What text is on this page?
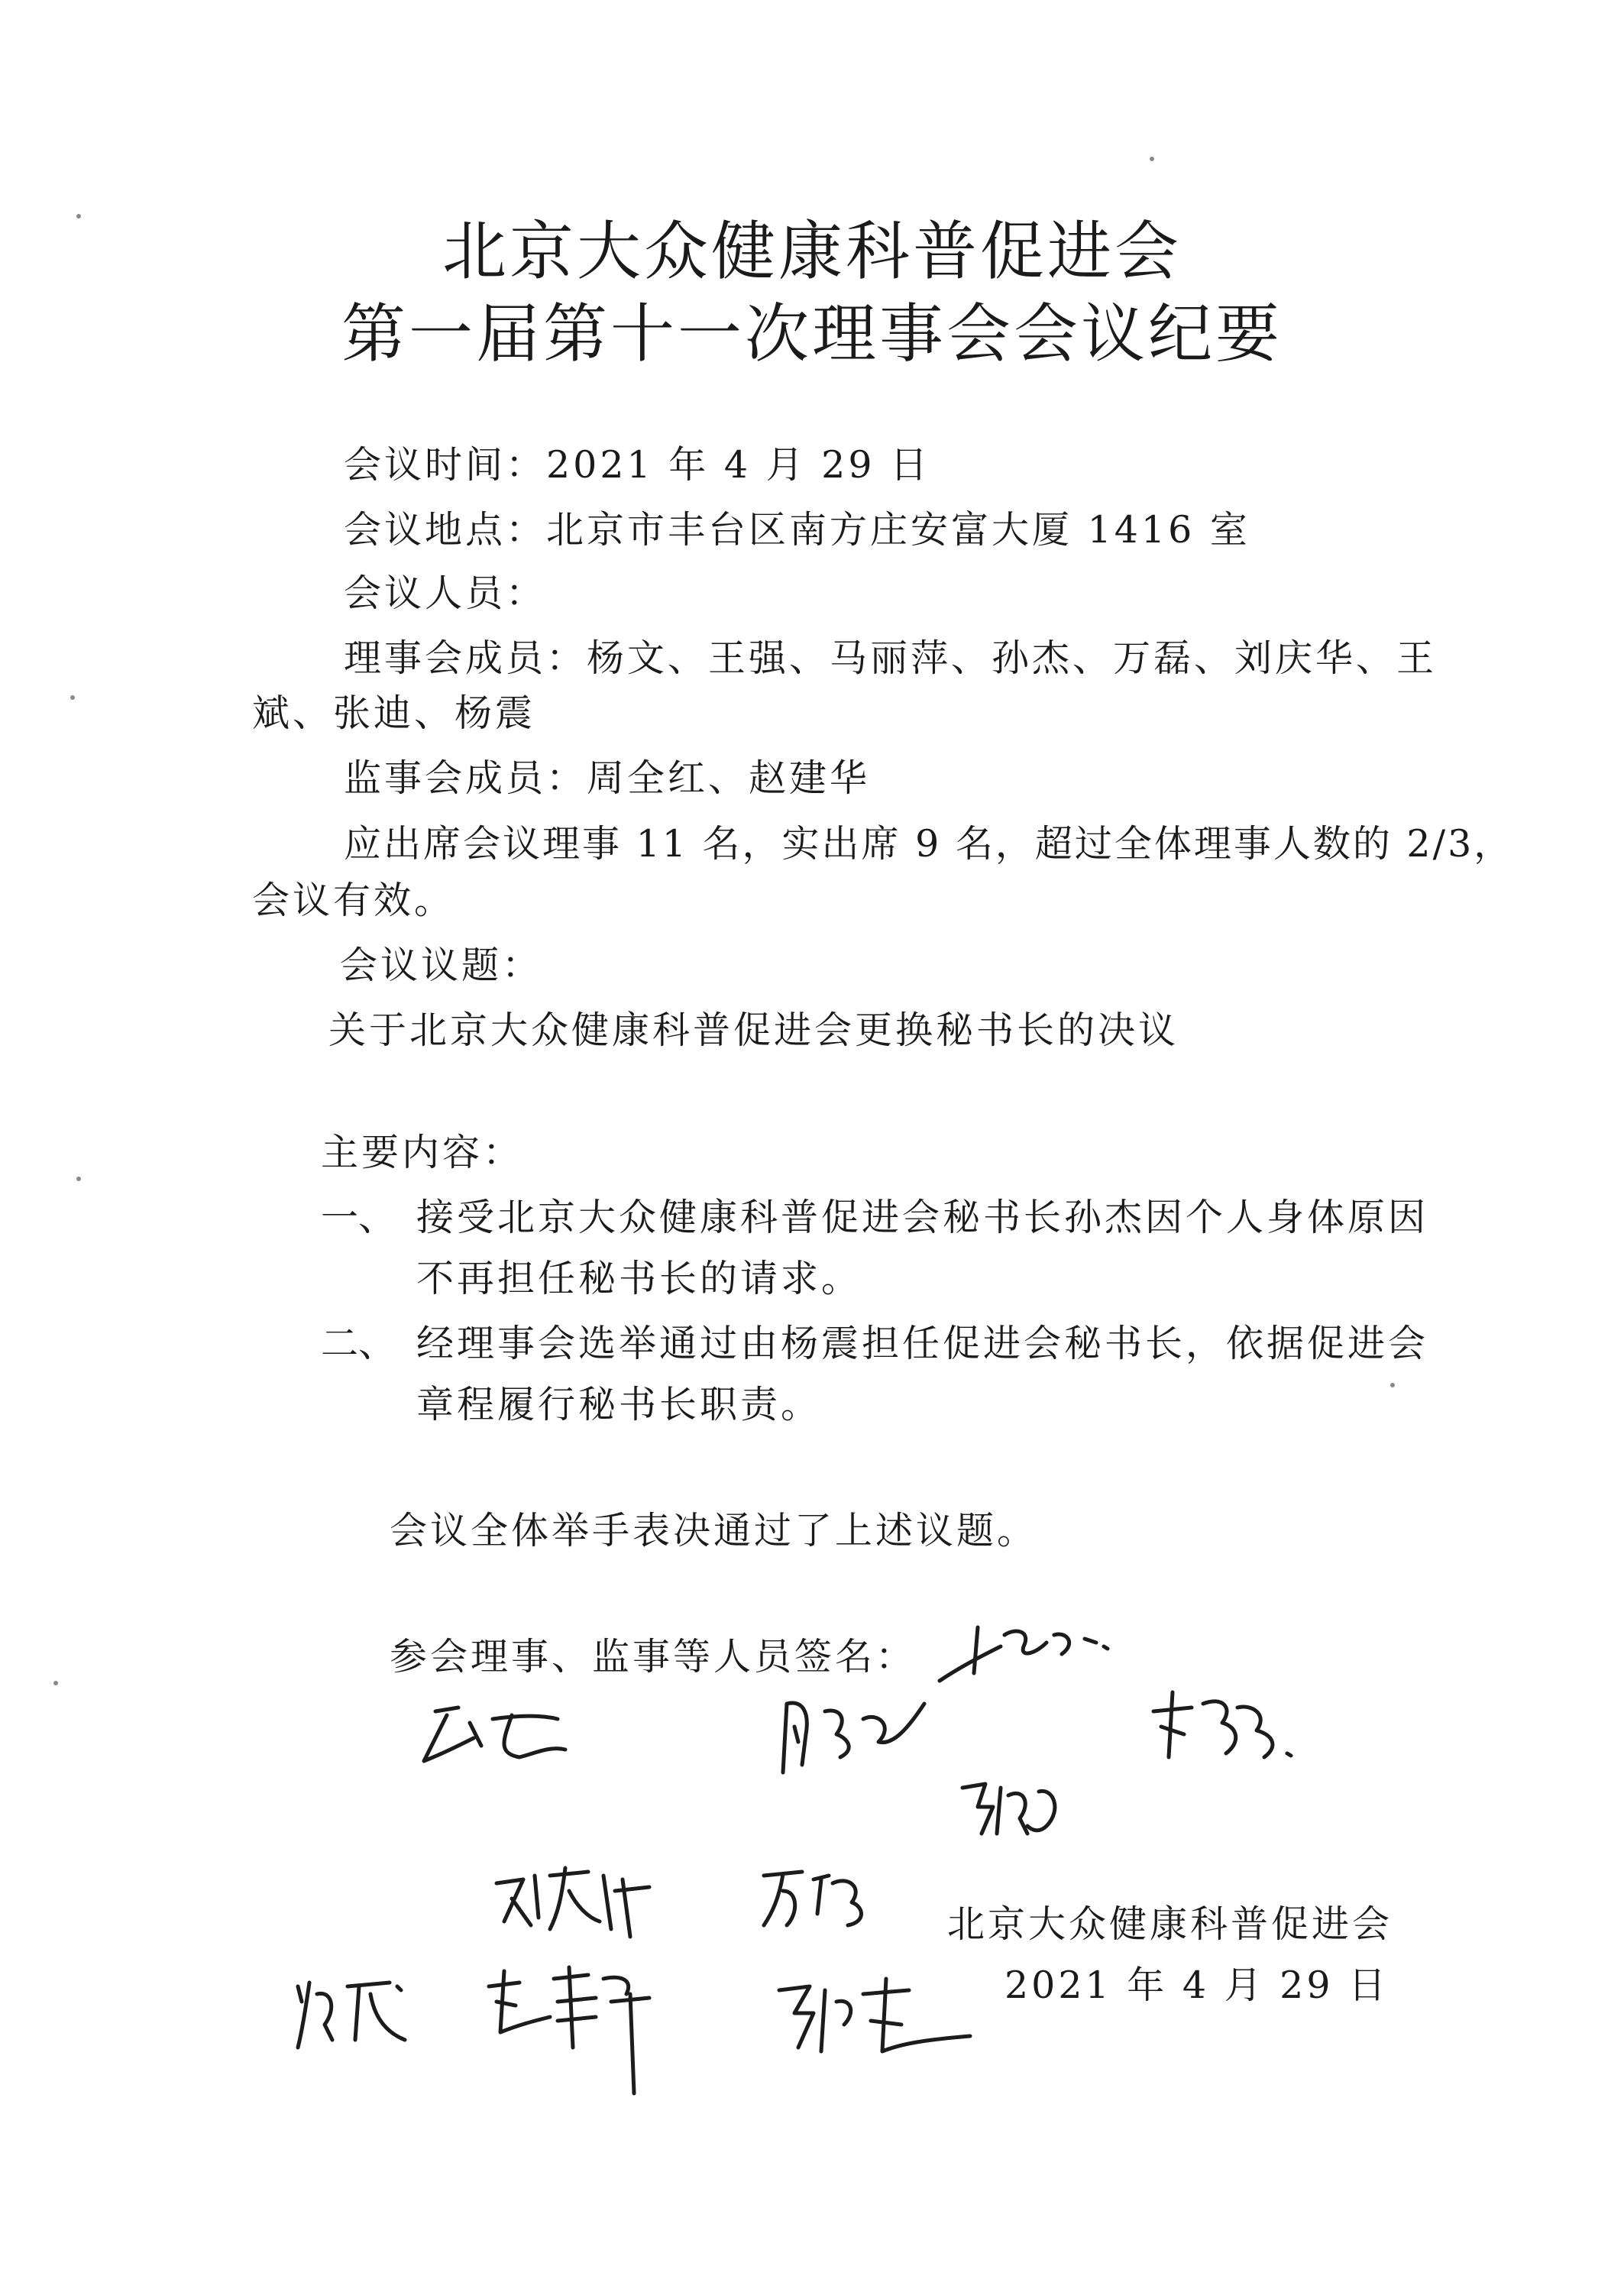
北京大众健康科普促进会
第一届第十一次理事会会议纪要
会议时间：2021 年 4 月 29 日
会议地点：北京市丰台区南方庄安富大厦 1416 室
会议人员：
理事会成员：杨文、王强、马丽萍、孙杰、万磊、刘庆华、王
斌、张迪、杨震
监事会成员：周全红、赵建华
应出席会议理事 11 名，实出席 9 名，超过全体理事人数的 2/3，
会议有效。
会议议题：
关于北京大众健康科普促进会更换秘书长的决议
主要内容：
一、 接受北京大众健康科普促进会秘书长孙杰因个人身体原因
不再担任秘书长的请求。
二、 经理事会选举通过由杨震担任促进会秘书长，依据促进会
章程履行秘书长职责。
会议全体举手表决通过了上述议题。
参会理事、监事等人员签名：
北京大众健康科普促进会
2021 年 4 月 29 日
